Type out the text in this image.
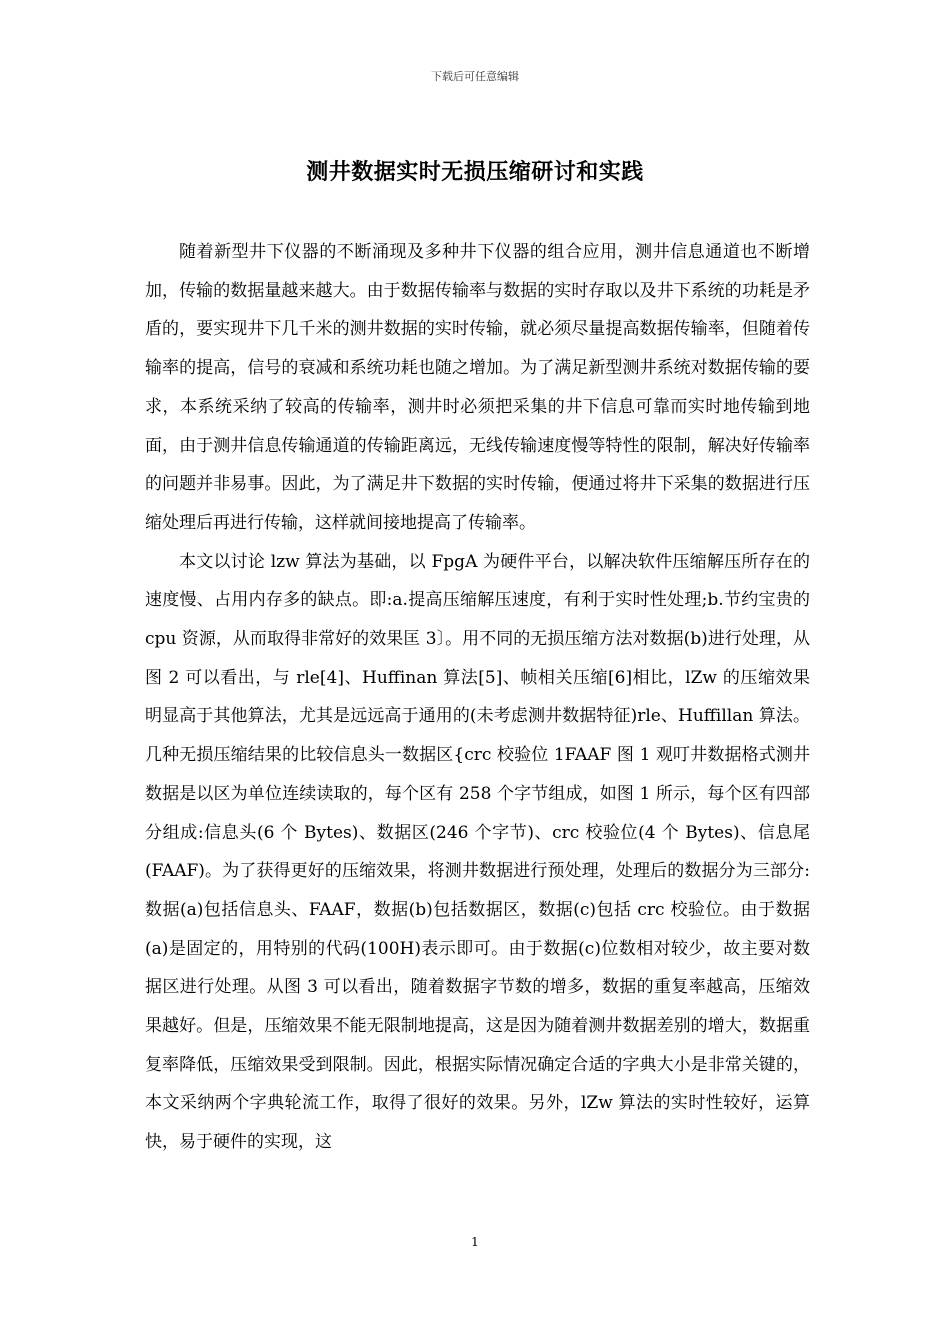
下载后可任意编辑
测井数据实时无损压缩研讨和实践

随着新型井下仪器的不断涌现及多种井下仪器的组合应用，测井信息通道也不断增加，传输的数据量越来越大。由于数据传输率与数据的实时存取以及井下系统的功耗是矛盾的，要实现井下几千米的测井数据的实时传输，就必须尽量提高数据传输率，但随着传输率的提高，信号的衰减和系统功耗也随之增加。为了满足新型测井系统对数据传输的要求，本系统采纳了较高的传输率，测井时必须把采集的井下信息可靠而实时地传输到地面，由于测井信息传输通道的传输距离远，无线传输速度慢等特性的限制，解决好传输率的问题并非易事。因此，为了满足井下数据的实时传输，便通过将井下采集的数据进行压缩处理后再进行传输，这样就间接地提高了传输率。

本文以讨论 lzw 算法为基础，以 FpgA 为硬件平台，以解决软件压缩解压所存在的速度慢、占用内存多的缺点。即:a.提高压缩解压速度，有利于实时性处理;b.节约宝贵的 cpu 资源，从而取得非常好的效果匡 3〕。用不同的无损压缩方法对数据(b)进行处理，从图 2 可以看出，与 rle[4]、Huffinan 算法[5]、帧相关压缩[6]相比，lZw 的压缩效果明显高于其他算法，尤其是远远高于通用的(未考虑测井数据特征)rle、Huffillan 算法。几种无损压缩结果的比较信息头一数据区{crc 校验位 1FAAF 图 1 观叮井数据格式测井数据是以区为单位连续读取的，每个区有 258 个字节组成，如图 1 所示，每个区有四部分组成:信息头(6 个 Bytes)、数据区(246 个字节)、crc 校验位(4 个 Bytes)、信息尾(FAAF)。为了获得更好的压缩效果，将测井数据进行预处理，处理后的数据分为三部分:数据(a)包括信息头、FAAF，数据(b)包括数据区，数据(c)包括 crc 校验位。由于数据(a)是固定的，用特别的代码(100H)表示即可。由于数据(c)位数相对较少，故主要对数据区进行处理。从图 3 可以看出，随着数据字节数的增多，数据的重复率越高，压缩效果越好。但是，压缩效果不能无限制地提高，这是因为随着测井数据差别的增大，数据重复率降低，压缩效果受到限制。因此，根据实际情况确定合适的字典大小是非常关键的，本文采纳两个字典轮流工作，取得了很好的效果。另外，lZw 算法的实时性较好，运算快，易于硬件的实现，这

1
